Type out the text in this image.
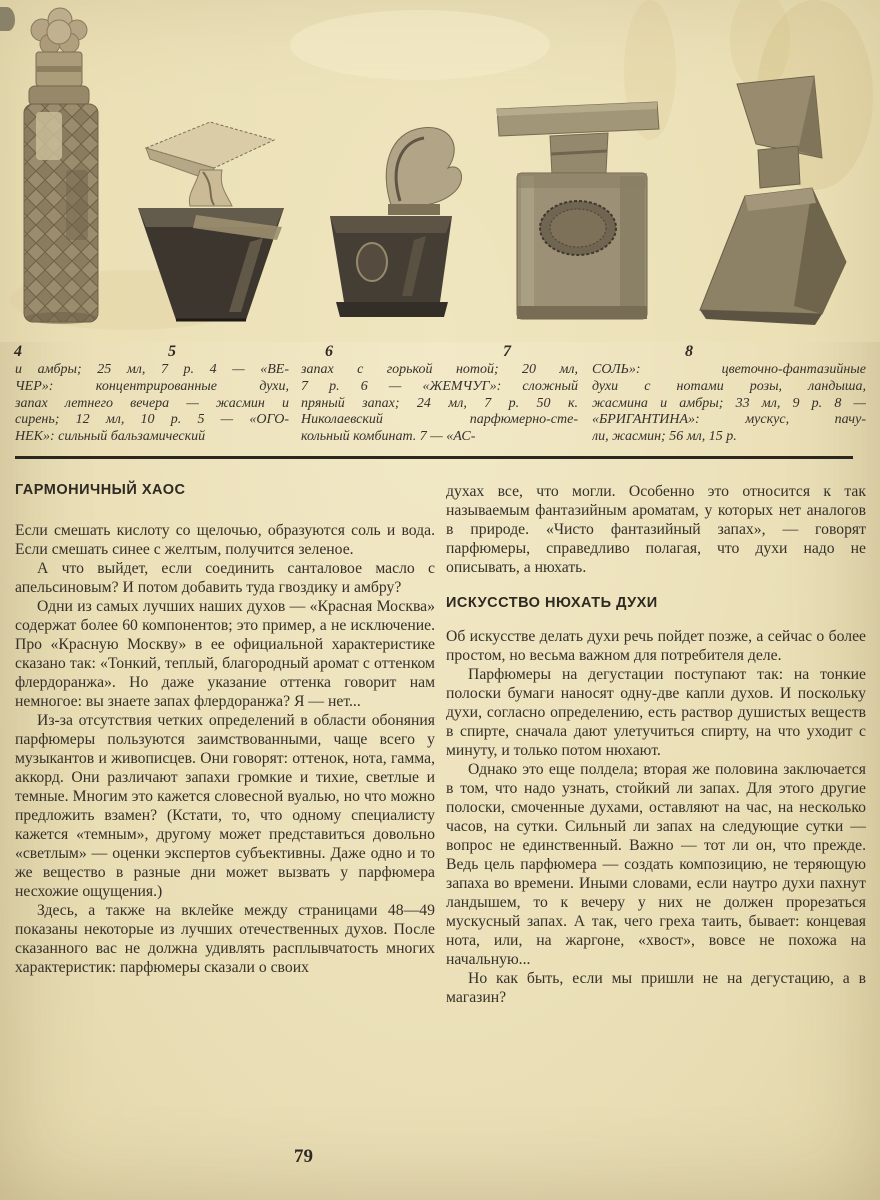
4	5	6	7	8
и амбры; 25 мл, 7 р. 4 — «ВЕ-
ЧЕР»: концентрированные духи,
запах летнего вечера — жасмин и
сирень; 12 мл, 10 р. 5 — «ОГО-
НЕК»: сильный бальзамический
запах с горькой нотой; 20 мл,
7 р. 6 — «ЖЕМЧУГ»: сложный
пряный запах; 24 мл, 7 р. 50 к.
Николаевский парфюмерно-сте-
кольный комбинат. 7 — «АС-
СОЛЬ»: цветочно-фантазийные
духи с нотами розы, ландыша,
жасмина и амбры; 33 мл, 9 р. 8 —
«БРИГАНТИНА»: мускус, пачу-
ли, жасмин; 56 мл, 15 р.
ГАРМОНИЧНЫЙ ХАОС

Если смешать кислоту со щелочью, образуются соль и вода. Если смешать синее с желтым, получится зеленое.

А что выйдет, если соединить санталовое масло с апельсиновым? И потом добавить туда гвоздику и амбру?

Одни из самых лучших наших духов — «Красная Москва» содержат более 60 компонентов; это пример, а не исключение. Про «Красную Москву» в ее официальной характеристике сказано так: «Тонкий, теплый, благородный аромат с оттенком флердоранжа». Но даже указание оттенка говорит нам немногое: вы знаете запах флердоранжа? Я — нет...

Из-за отсутствия четких определений в области обоняния парфюмеры пользуются заимствованными, чаще всего у музыкантов и живописцев. Они говорят: оттенок, нота, гамма, аккорд. Они различают запахи громкие и тихие, светлые и темные. Многим это кажется словесной вуалью, но что можно предложить взамен? (Кстати, то, что одному специалисту кажется «темным», другому может представиться довольно «светлым» — оценки экспертов субъективны. Даже одно и то же вещество в разные дни может вызвать у парфюмера несхожие ощущения.)

Здесь, а также на вклейке между страницами 48—49 показаны некоторые из лучших отечественных духов. После сказанного вас не должна удивлять расплывчатость многих характеристик: парфюмеры сказали о своих

духах все, что могли. Особенно это относится к так называемым фантазийным ароматам, у которых нет аналогов в природе. «Чисто фантазийный запах», — говорят парфюмеры, справедливо полагая, что духи надо не описывать, а нюхать.

ИСКУССТВО НЮХАТЬ ДУХИ

Об искусстве делать духи речь пойдет позже, а сейчас о более простом, но весьма важном для потребителя деле.

Парфюмеры на дегустации поступают так: на тонкие полоски бумаги наносят одну-две капли духов. И поскольку духи, согласно определению, есть раствор душистых веществ в спирте, сначала дают улетучиться спирту, на что уходит с минуту, и только потом нюхают.

Однако это еще полдела; вторая же половина заключается в том, что надо узнать, стойкий ли запах. Для этого другие полоски, смоченные духами, оставляют на час, на несколько часов, на сутки. Сильный ли запах на следующие сутки — вопрос не единственный. Важно — тот ли он, что прежде. Ведь цель парфюмера — создать композицию, не теряющую запаха во времени. Иными словами, если наутро духи пахнут ландышем, то к вечеру у них не должен прорезаться мускусный запах. А так, чего греха таить, бывает: концевая нота, или, на жаргоне, «хвост», вовсе не похожа на начальную...

Но как быть, если мы пришли не на дегустацию, а в магазин?

79
